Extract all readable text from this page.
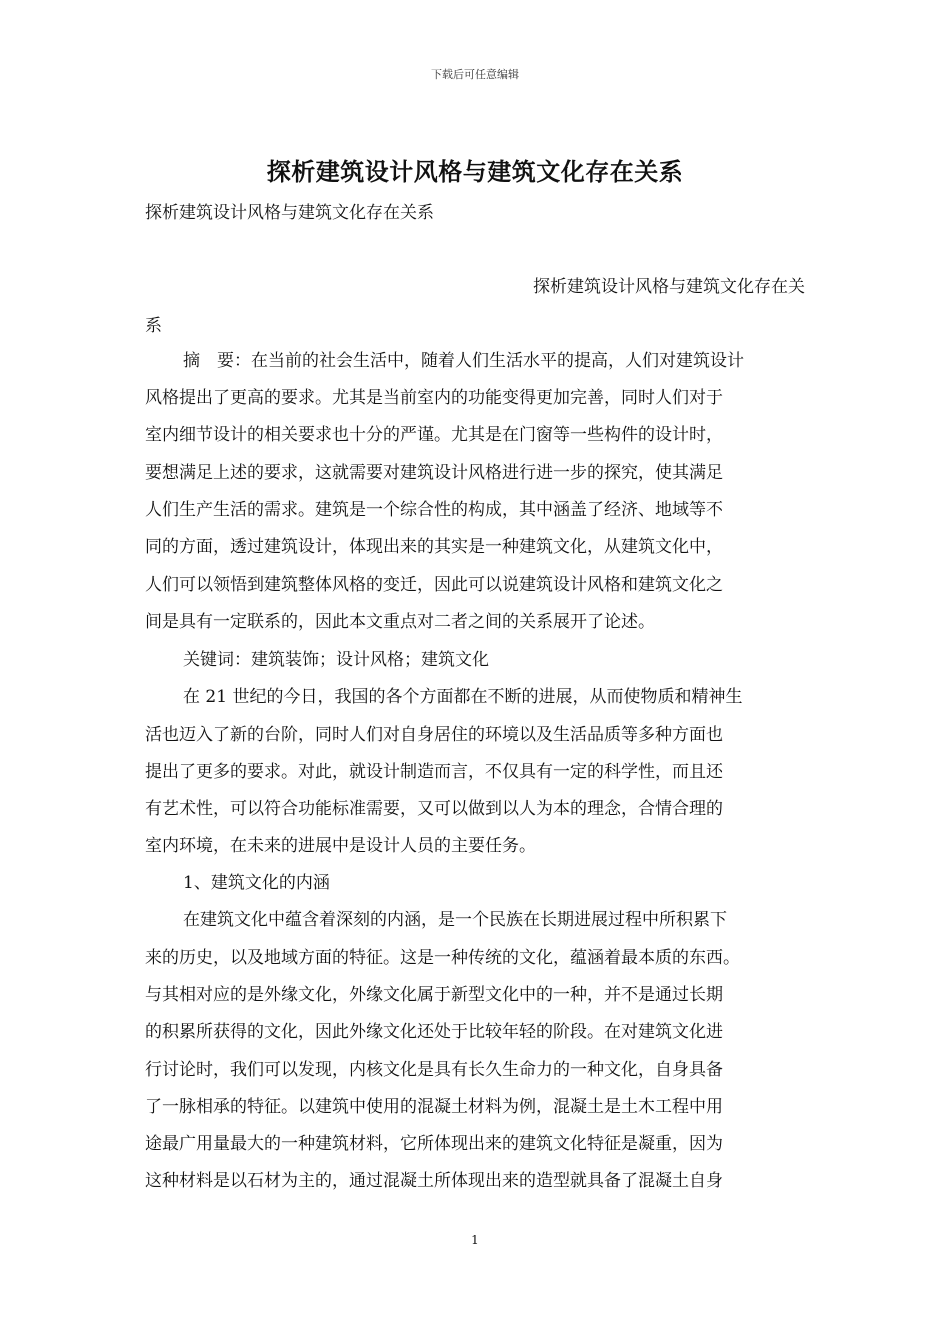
下载后可任意编辑
探析建筑设计风格与建筑文化存在关系
探析建筑设计风格与建筑文化存在关系
探析建筑设计风格与建筑文化存在关
系
摘　要：在当前的社会生活中，随着人们生活水平的提高，人们对建筑设计
风格提出了更高的要求。尤其是当前室内的功能变得更加完善，同时人们对于
室内细节设计的相关要求也十分的严谨。尤其是在门窗等一些构件的设计时，
要想满足上述的要求，这就需要对建筑设计风格进行进一步的探究，使其满足
人们生产生活的需求。建筑是一个综合性的构成，其中涵盖了经济、地域等不
同的方面，透过建筑设计，体现出来的其实是一种建筑文化，从建筑文化中，
人们可以领悟到建筑整体风格的变迁，因此可以说建筑设计风格和建筑文化之
间是具有一定联系的，因此本文重点对二者之间的关系展开了论述。
关键词：建筑装饰；设计风格；建筑文化
在 21 世纪的今日，我国的各个方面都在不断的进展，从而使物质和精神生
活也迈入了新的台阶，同时人们对自身居住的环境以及生活品质等多种方面也
提出了更多的要求。对此，就设计制造而言，不仅具有一定的科学性，而且还
有艺术性，可以符合功能标准需要，又可以做到以人为本的理念，合情合理的
室内环境，在未来的进展中是设计人员的主要任务。
1、建筑文化的内涵
在建筑文化中蕴含着深刻的内涵，是一个民族在长期进展过程中所积累下
来的历史，以及地域方面的特征。这是一种传统的文化，蕴涵着最本质的东西。
与其相对应的是外缘文化，外缘文化属于新型文化中的一种，并不是通过长期
的积累所获得的文化，因此外缘文化还处于比较年轻的阶段。在对建筑文化进
行讨论时，我们可以发现，内核文化是具有长久生命力的一种文化，自身具备
了一脉相承的特征。以建筑中使用的混凝土材料为例，混凝土是土木工程中用
途最广用量最大的一种建筑材料，它所体现出来的建筑文化特征是凝重，因为
这种材料是以石材为主的，通过混凝土所体现出来的造型就具备了混凝土自身
1
